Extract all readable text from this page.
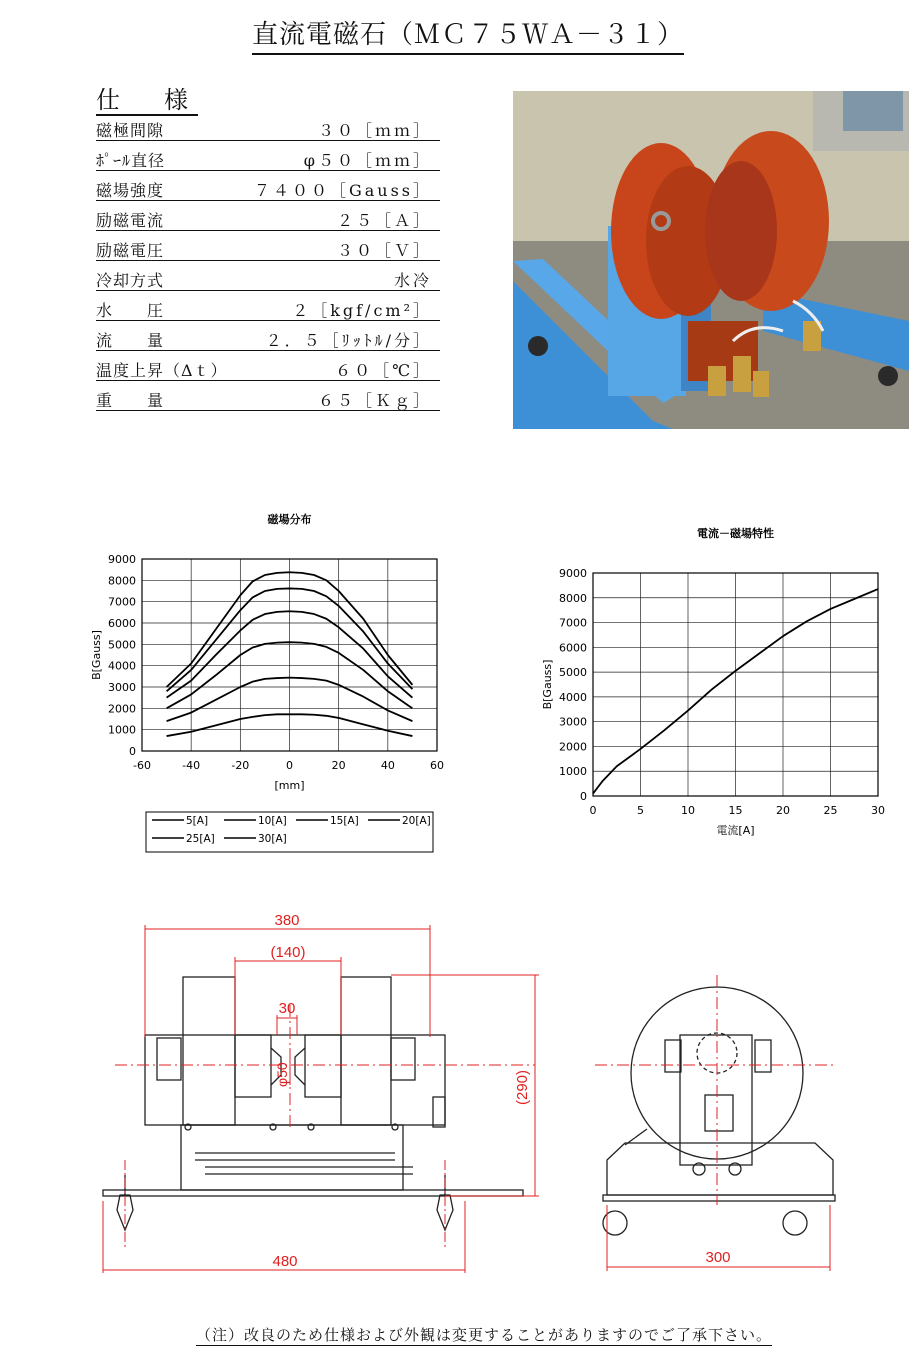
直流電磁石（ＭＣ７５ＷＡ－３１）
仕　様
磁極間隙	３０［ｍｍ］
ﾎﾟｰﾙ直径	φ５０［ｍｍ］
磁場強度	７４００［Gauss］
励磁電流	２５［Ａ］
励磁電圧	３０［Ｖ］
冷却方式	水冷
水　　圧	２［kgf/cm²］
流　　量	２．５［ﾘｯﾄﾙ/分］
温度上昇（Δｔ）	６０［℃］
重　　量	６５［Ｋｇ］
磁場分布
0
1000
2000
3000
4000
5000
6000
7000
8000
9000
-60	-40	-20	0	20	40	60
[mm]
B[Gauss]
5[A]	10[A]	15[A]	20[A]
25[A]	30[A]
電流－磁場特性
0
1000
2000
3000
4000
5000
6000
7000
8000
9000
0	5	10	15	20	25	30
電流[A]
B[Gauss]
380
(140)
30
φ50	(290)
480	300
（注）改良のため仕様および外観は変更することがありますのでご了承下さい。
